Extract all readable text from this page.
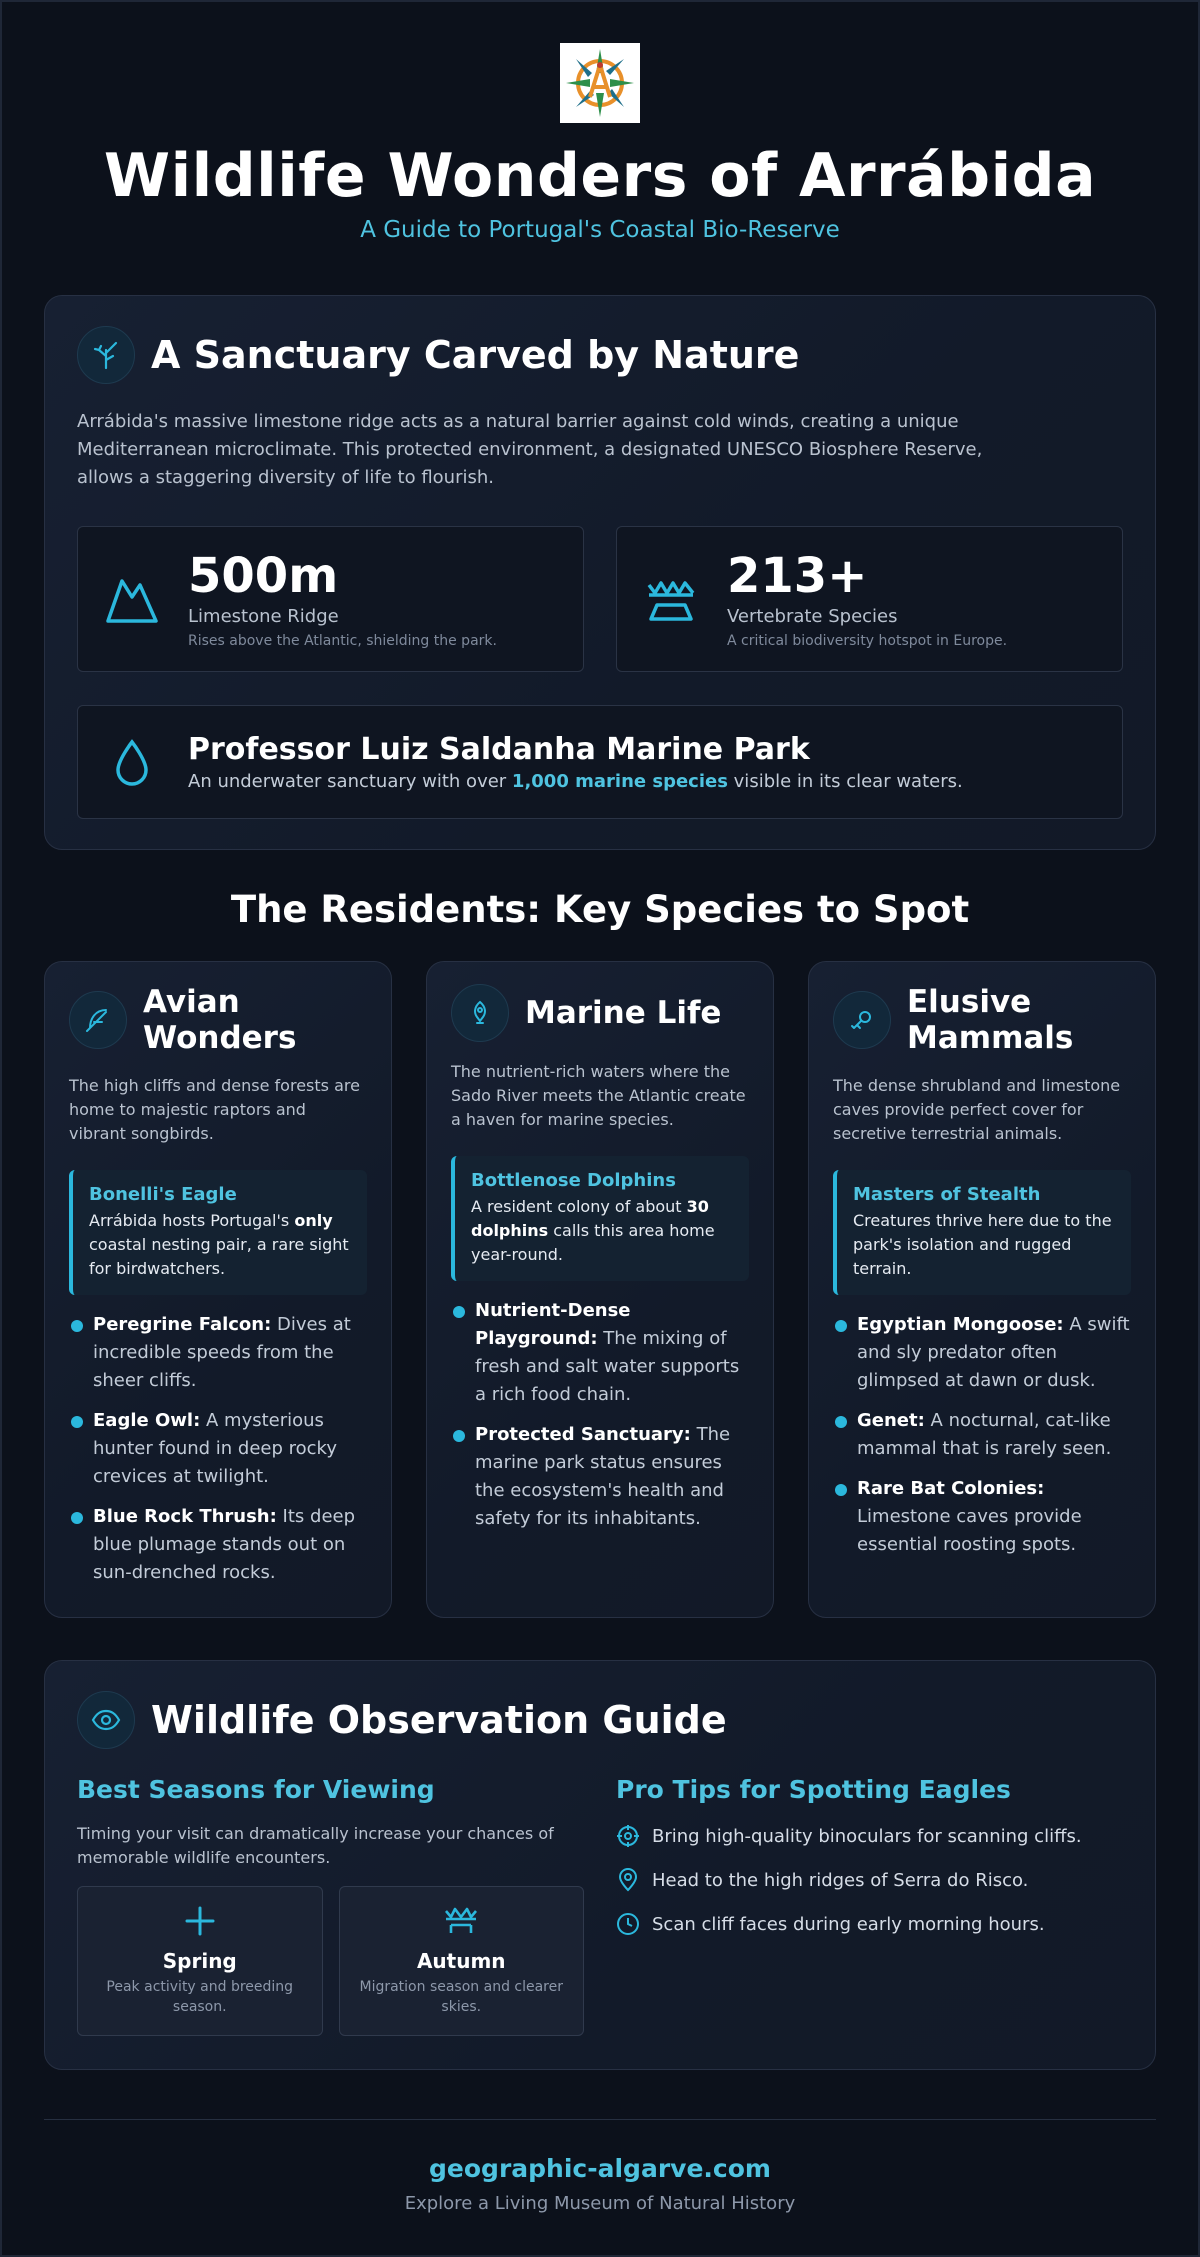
Wildlife Wonders of Arrábida
A Guide to Portugal's Coastal Bio-Reserve
A Sanctuary Carved by Nature
Arrábida's massive limestone ridge acts as a natural barrier against cold winds, creating a unique Mediterranean microclimate. This protected environment, a designated UNESCO Biosphere Reserve, allows a staggering diversity of life to flourish.
500m
Limestone Ridge
Rises above the Atlantic, shielding the park.
213+
Vertebrate Species
A critical biodiversity hotspot in Europe.
Professor Luiz Saldanha Marine Park
An underwater sanctuary with over 1,000 marine species visible in its clear waters.
The Residents: Key Species to Spot
Avian Wonders
The high cliffs and dense forests are home to majestic raptors and vibrant songbirds.
Bonelli's Eagle
Arrábida hosts Portugal's only coastal nesting pair, a rare sight for birdwatchers.
Peregrine Falcon: Dives at incredible speeds from the sheer cliffs.
Eagle Owl: A mysterious hunter found in deep rocky crevices at twilight.
Blue Rock Thrush: Its deep blue plumage stands out on sun-drenched rocks.
Marine Life
The nutrient-rich waters where the Sado River meets the Atlantic create a haven for marine species.
Bottlenose Dolphins
A resident colony of about 30 dolphins calls this area home year-round.
Nutrient-Dense Playground: The mixing of fresh and salt water supports a rich food chain.
Protected Sanctuary: The marine park status ensures the ecosystem's health and safety for its inhabitants.
Elusive Mammals
The dense shrubland and limestone caves provide perfect cover for secretive terrestrial animals.
Masters of Stealth
Creatures thrive here due to the park's isolation and rugged terrain.
Egyptian Mongoose: A swift and sly predator often glimpsed at dawn or dusk.
Genet: A nocturnal, cat-like mammal that is rarely seen.
Rare Bat Colonies: Limestone caves provide essential roosting spots.
Wildlife Observation Guide
Best Seasons for Viewing
Timing your visit can dramatically increase your chances of memorable wildlife encounters.
Spring
Peak activity and breeding season.
Autumn
Migration season and clearer skies.
Pro Tips for Spotting Eagles
Bring high-quality binoculars for scanning cliffs.
Head to the high ridges of Serra do Risco.
Scan cliff faces during early morning hours.
geographic-algarve.com
Explore a Living Museum of Natural History
